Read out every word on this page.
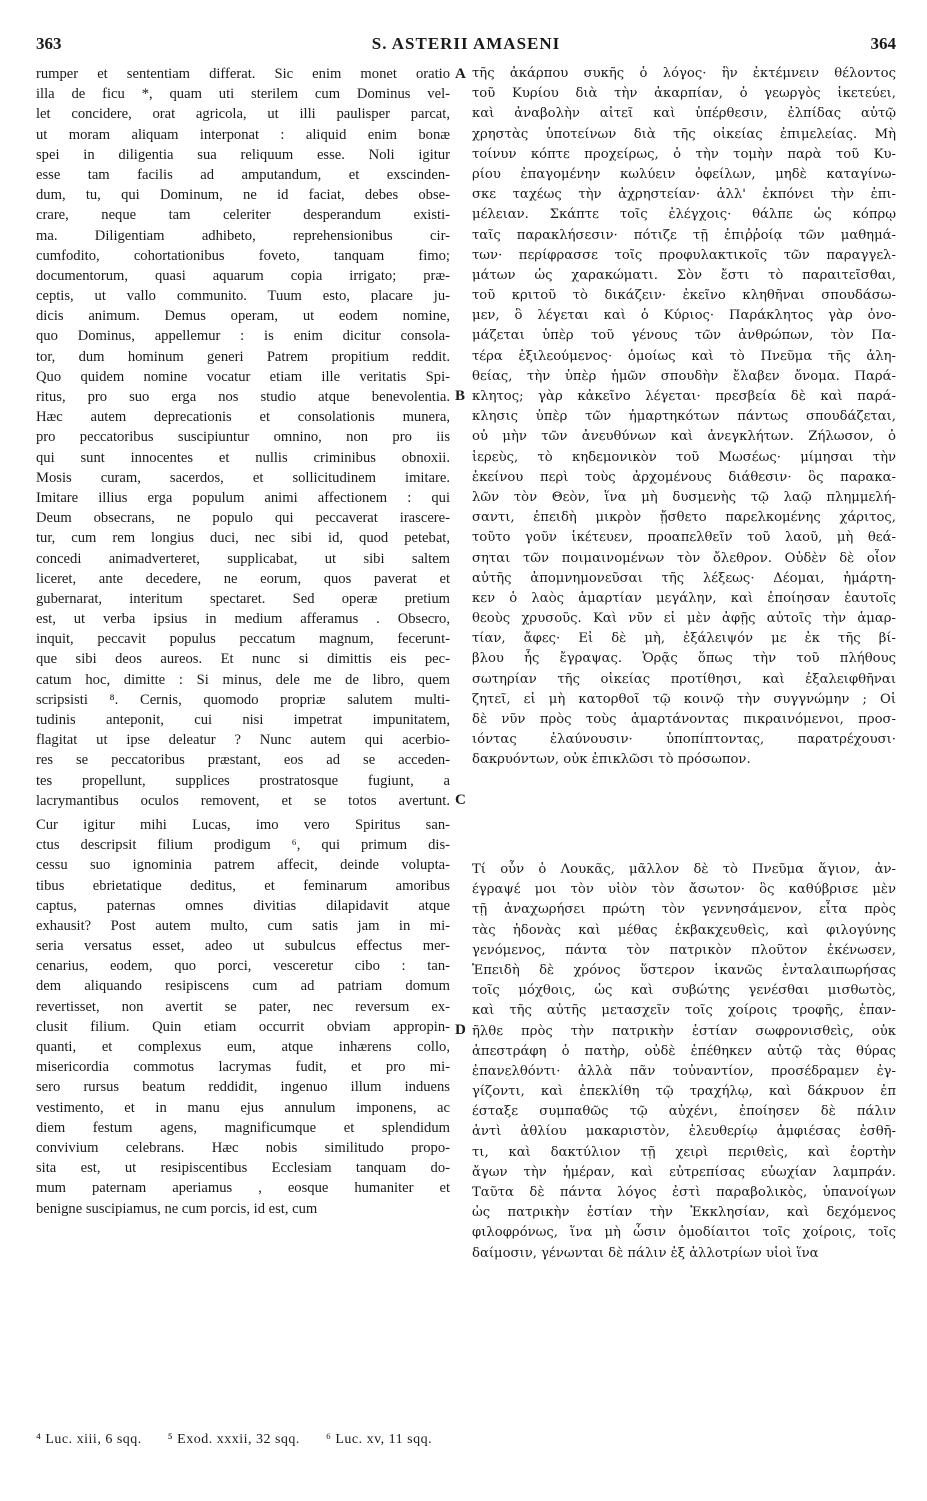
363	S. ASTERII AMASENI	364
rumper et sententiam differat. Sic enim monet oratio
illa de ficu *, quam uti sterilem cum Dominus vel-
let concidere, orat agricola, ut illi paulisper parcat,
ut moram aliquam interponat : aliquid enim bonæ
spei in diligentia sua reliquum esse. Noli igitur
esse tam facilis ad amputandum, et exscinden-
dum, tu, qui Dominum, ne id faciat, debes obse-
crare, neque tam celeriter desperandum existi-
ma. Diligentiam adhibeto, reprehensionibus cir-
cumfodito, cohortationibus foveto, tanquam fimo;
documentorum, quasi aquarum copia irrigato; præ-
ceptis, ut vallo communito. Tuum esto, placare ju-
dicis animum. Demus operam, ut eodem nomine,
quo Dominus, appellemur : is enim dicitur consola-
tor, dum hominum generi Patrem propitium reddit.
Quo quidem nomine vocatur etiam ille veritatis Spi-
ritus, pro suo erga nos studio atque benevolentia.
Hæc autem deprecationis et consolationis munera,
pro peccatoribus suscipiuntur omnino, non pro iis
qui sunt innocentes et nullis criminibus obnoxii.
Mosis curam, sacerdos, et sollicitudinem imitare.
Imitare illius erga populum animi affectionem : qui
Deum obsecrans, ne populo qui peccaverat irascere-
tur, cum rem longius duci, nec sibi id, quod petebat,
concedi animadverteret, supplicabat, ut sibi saltem
liceret, ante decedere, ne eorum, quos paverat et
gubernarat, interitum spectaret. Sed operæ pretium
est, ut verba ipsius in medium afferamus . Obsecro,
inquit, peccavit populus peccatum magnum, fecerunt-
que sibi deos aureos. Et nunc si dimittis eis pec-
catum hoc, dimitte : Si minus, dele me de libro, quem
scripsisti ⁸. Cernis, quomodo propriæ salutem multi-
tudinis anteponit, cui nisi impetrat impunitatem,
flagitat ut ipse deleatur ? Nunc autem qui acerbio-
res se peccatoribus præstant, eos ad se acceden-
tes propellunt, supplices prostratosque fugiunt, a
lacrymantibus oculos removent, et se totos avertunt.
Cur igitur mihi Lucas, imo vero Spiritus san-
ctus descripsit filium prodigum ⁶, qui primum dis-
cessu suo ignominia patrem affecit, deinde volupta-
tibus ebrietatique deditus, et feminarum amoribus
captus, paternas omnes divitias dilapidavit atque
exhausit? Post autem multo, cum satis jam in mi-
seria versatus esset, adeo ut subulcus effectus mer-
cenarius, eodem, quo porci, vesceretur cibo : tan-
dem aliquando resipiscens cum ad patriam domum
revertisset, non avertit se pater, nec reversum ex-
clusit filium. Quin etiam occurrit obviam appropin-
quanti, et complexus eum, atque inhærens collo,
misericordia commotus lacrymas fudit, et pro mi-
sero rursus beatum reddidit, ingenuo illum induens
vestimento, et in manu ejus annulum imponens, ac
diem festum agens, magnificumque et splendidum
convivium celebrans. Hæc nobis similitudo propo-
sita est, ut resipiscentibus Ecclesiam tanquam do-
mum paternam aperiamus , eosque humaniter et
benigne suscipiamus, ne cum porcis, id est, cum
τῆς ἀκάρπου συκῆς ὁ λόγος· ἣν ἐκτέμνειν θέλοντος
τοῦ Κυρίου διὰ τὴν ἀκαρπίαν, ὁ γεωργὸς ἱκετεύει,
καὶ ἀναβολὴν αἰτεῖ καὶ ὑπέρθεσιν, ἐλπίδας αὐτῷ
χρηστὰς ὑποτείνων διὰ τῆς οἰκείας ἐπιμελείας. Μὴ
τοίνυν κόπτε προχείρως, ὁ τὴν τομὴν παρὰ τοῦ Κυ-
ρίου ἐπαγομένην κωλύειν ὀφείλων, μηδὲ καταγίνω-
σκε ταχέως τὴν ἀχρηστείαν· ἀλλ' ἐκπόνει τὴν ἐπι-
μέλειαν. Σκάπτε τοῖς ἐλέγχοις· θάλπε ὡς κόπρῳ
ταῖς παρακλήσεσιν· πότιζε τῇ ἐπιῤῥοίᾳ τῶν μαθημά-
των· περίφρασσε τοῖς προφυλακτικοῖς τῶν παραγγελ-
μάτων ὡς χαρακώματι. Σὸν ἔστι τὸ παραιτεῖσθαι,
τοῦ κριτοῦ τὸ δικάζειν· ἐκεῖνο κληθῆναι σπουδάσω-
μεν, ὃ λέγεται καὶ ὁ Κύριος· Παράκλητος γὰρ ὀνο-
μάζεται ὑπὲρ τοῦ γένους τῶν ἀνθρώπων, τὸν Πα-
τέρα ἐξιλεούμενος· ὁμοίως καὶ τὸ Πνεῦμα τῆς ἀλη-
θείας, τὴν ὑπὲρ ἡμῶν σπουδὴν ἔλαβεν ὄνομα. Παρά-
κλητος; γὰρ κἀκεῖνο λέγεται· πρεσβεία δὲ καὶ παρά-
κλησις ὑπὲρ τῶν ἡμαρτηκότων πάντως σπουδάζεται,
οὐ μὴν τῶν ἀνευθύνων καὶ ἀνεγκλήτων. Ζήλωσον, ὁ
ἱερεὺς, τὸ κηδεμονικὸν τοῦ Μωσέως· μίμησαι τὴν
ἐκείνου περὶ τοὺς ἀρχομένους διάθεσιν· ὃς παρακα-
λῶν τὸν Θεὸν, ἵνα μὴ δυσμενὴς τῷ λαῷ πλημμελή-
σαντι, ἐπειδὴ μικρὸν ᾔσθετο παρελκομένης χάριτος,
τοῦτο γοῦν ἱκέτευεν, προαπελθεῖν τοῦ λαοῦ, μὴ θεά-
σηται τῶν ποιμαινομένων τὸν ὄλεθρον. Οὐδὲν δὲ οἷον
αὐτῆς ἀπομνημονεῦσαι τῆς λέξεως· Δέομαι, ἡμάρτη-
κεν ὁ λαὸς ἁμαρτίαν μεγάλην, καὶ ἐποίησαν ἑαυτοῖς
θεοὺς χρυσοῦς. Καὶ νῦν εἰ μὲν ἀφῇς αὐτοῖς τὴν ἁμαρ-
τίαν, ἄφες· Εἰ δὲ μὴ, ἐξάλειψόν με ἐκ τῆς βί-
βλου ἧς ἔγραψας. Ὁρᾷς ὅπως τὴν τοῦ πλήθους
σωτηρίαν τῆς οἰκείας προτίθησι, καὶ ἐξαλειφθῆναι
ζητεῖ, εἰ μὴ κατορθοῖ τῷ κοινῷ τὴν συγγνώμην ; Οἱ
δὲ νῦν πρὸς τοὺς ἁμαρτάνοντας πικραινόμενοι, προσ-
ιόντας ἐλαύνουσιν· ὑποπίπτοντας, παρατρέχουσι·
δακρυόντων, οὐκ ἐπικλῶσι τὸ πρόσωπον.
Τί οὖν ὁ Λουκᾶς, μᾶλλον δὲ τὸ Πνεῦμα ἅγιον, ἀν-
έγραψέ μοι τὸν υἱὸν τὸν ἄσωτον· ὃς καθύβρισε μὲν
τῇ ἀναχωρήσει πρώτη τὸν γεννησάμενον, εἶτα πρὸς
τὰς ἡδονὰς καὶ μέθας ἐκβακχευθεὶς, καὶ φιλογύνης
γενόμενος, πάντα τὸν πατρικὸν πλοῦτον ἐκένωσεν,
Ἐπειδὴ δὲ χρόνος ὕστερον ἱκανῶς ἐνταλαιπωρήσας
τοῖς μόχθοις, ὡς καὶ συβώτης γενέσθαι μισθωτὸς,
καὶ τῆς αὐτῆς μετασχεῖν τοῖς χοίροις τροφῆς, ἐπαν-
ῆλθε πρὸς τὴν πατρικὴν ἑστίαν σωφρονισθεὶς, οὐκ
ἀπεστράφη ὁ πατὴρ, οὐδὲ ἐπέθηκεν αὐτῷ τὰς θύρας
ἐπανελθόντι· ἀλλὰ πᾶν τοὐναντίον, προσέδραμεν ἐγ-
γίζοντι, καὶ ἐπεκλίθη τῷ τραχήλῳ, καὶ δάκρυον ἐπ
έσταξε συμπαθῶς τῷ αὐχένι, ἐποίησεν δὲ πάλιν
ἀντὶ ἀθλίου μακαριστὸν, ἐλευθερίῳ ἀμφιέσας ἐσθῆ-
τι, καὶ δακτύλιον τῇ χειρὶ περιθεὶς, καὶ ἑορτὴν
ἄγων τὴν ἡμέραν, καὶ εὐτρεπίσας εὐωχίαν λαμπράν.
Ταῦτα δὲ πάντα λόγος ἐστὶ παραβολικὸς, ὑπανοίγων
ὡς πατρικὴν ἑστίαν τὴν Ἐκκλησίαν, καὶ δεχόμενος
φιλοφρόνως, ἵνα μὴ ὦσιν ὁμοδίαιτοι τοῖς χοίροις, τοῖς
δαίμοσιν, γένωνται δὲ πάλιν ἐξ ἀλλοτρίων υἱοὶ ἵνα
A
B
C
D
⁴ Luc. xiii, 6 sqq. ⁵ Exod. xxxii, 32 sqq. ⁶ Luc. xv, 11 sqq.
